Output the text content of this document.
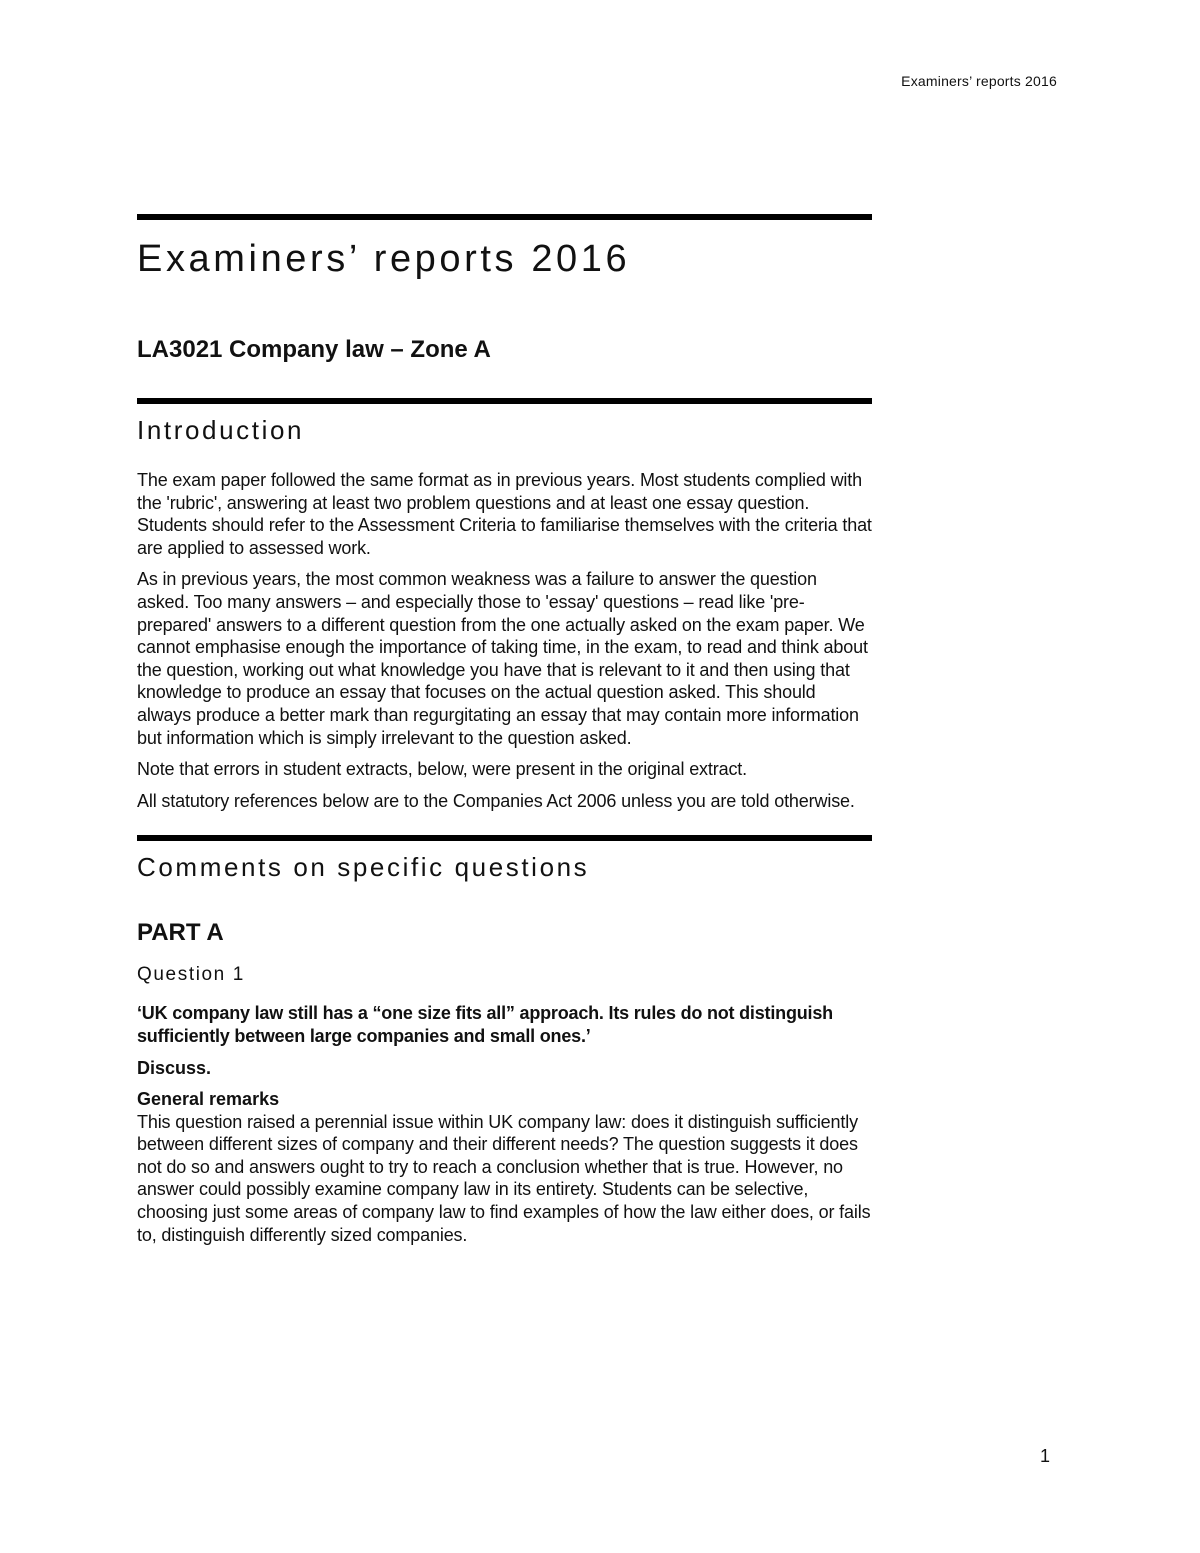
Examiners’ reports 2016
Examiners’ reports 2016
LA3021 Company law – Zone A
Introduction

The exam paper followed the same format as in previous years. Most students complied with the 'rubric', answering at least two problem questions and at least one essay question. Students should refer to the Assessment Criteria to familiarise themselves with the criteria that are applied to assessed work.

As in previous years, the most common weakness was a failure to answer the question asked. Too many answers – and especially those to 'essay' questions – read like 'pre-prepared' answers to a different question from the one actually asked on the exam paper. We cannot emphasise enough the importance of taking time, in the exam, to read and think about the question, working out what knowledge you have that is relevant to it and then using that knowledge to produce an essay that focuses on the actual question asked. This should always produce a better mark than regurgitating an essay that may contain more information but information which is simply irrelevant to the question asked.

Note that errors in student extracts, below, were present in the original extract.

All statutory references below are to the Companies Act 2006 unless you are told otherwise.

Comments on specific questions
PART A
Question 1

‘UK company law still has a “one size fits all” approach. Its rules do not distinguish sufficiently between large companies and small ones.’

Discuss.
General remarks

This question raised a perennial issue within UK company law: does it distinguish sufficiently between different sizes of company and their different needs? The question suggests it does not do so and answers ought to try to reach a conclusion whether that is true. However, no answer could possibly examine company law in its entirety. Students can be selective, choosing just some areas of company law to find examples of how the law either does, or fails to, distinguish differently sized companies.

1
